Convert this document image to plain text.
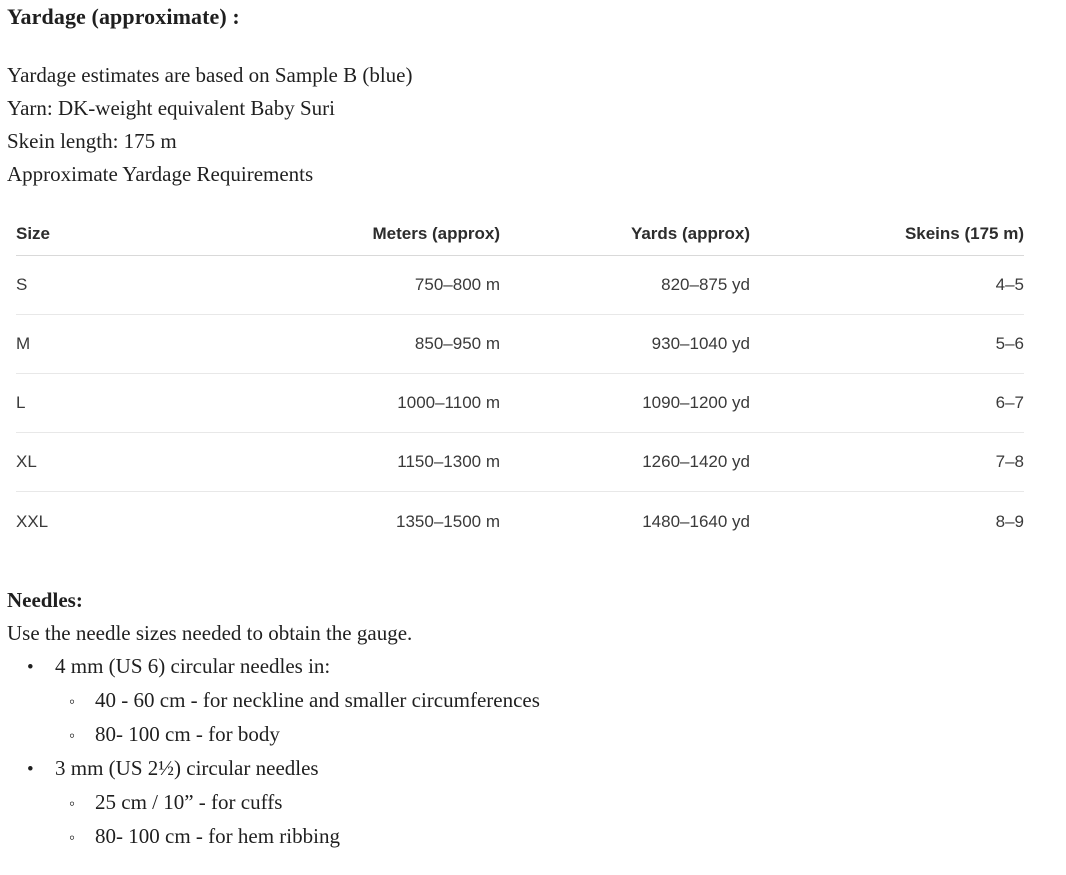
Yardage (approximate) :
Yardage estimates are based on Sample B (blue)
Yarn: DK-weight equivalent Baby Suri
Skein length: 175 m
Approximate Yardage Requirements
Size	Meters (approx)	Yards (approx)	Skeins (175 m)
S	750–800 m	820–875 yd	4–5
M	850–950 m	930–1040 yd	5–6
L	1000–1100 m	1090–1200 yd	6–7
XL	1150–1300 m	1260–1420 yd	7–8
XXL	1350–1500 m	1480–1640 yd	8–9
Needles:
Use the needle sizes needed to obtain the gauge.
•	4 mm (US 6) circular needles in:
◦ 40 - 60 cm - for neckline and smaller circumferences
◦ 80- 100 cm - for body
•	3 mm (US 2½) circular needles
◦ 25 cm / 10” - for cuffs
◦ 80- 100 cm - for hem ribbing
